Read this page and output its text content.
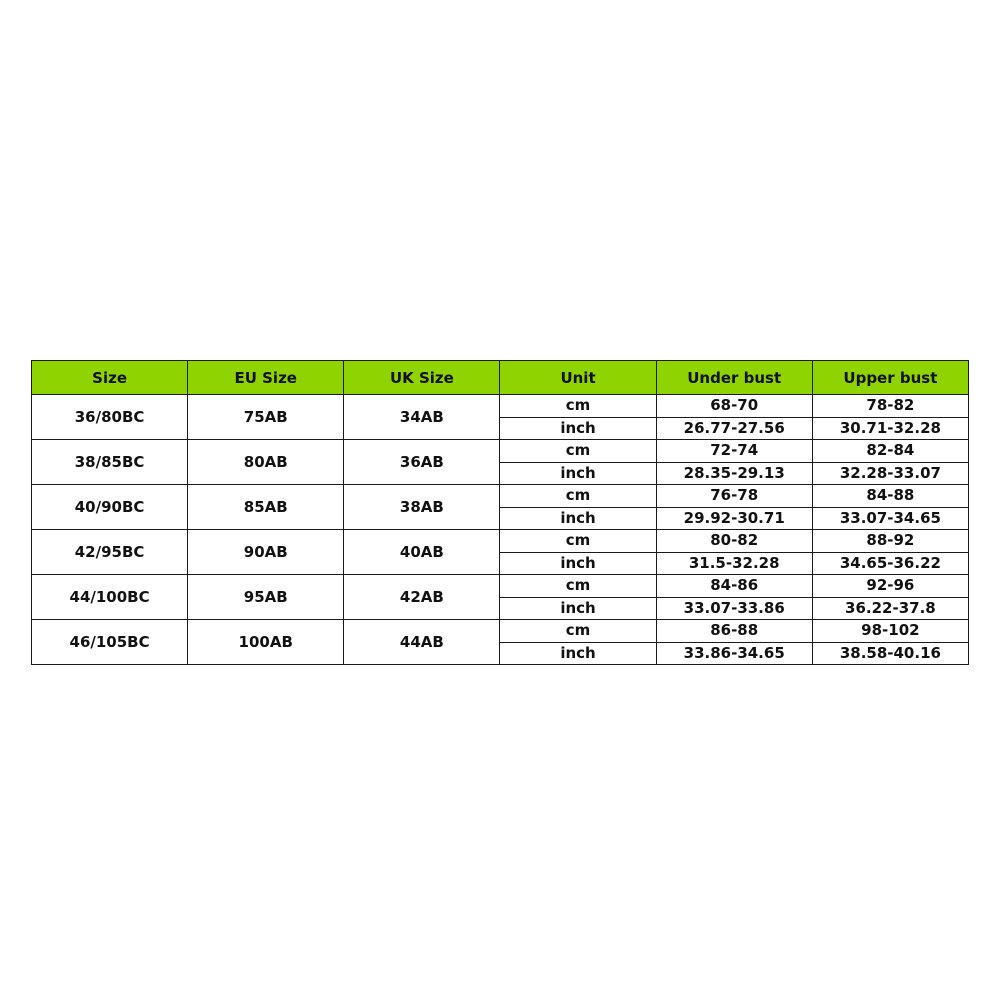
Size	EU Size	UK Size	Unit	Under bust	Upper bust
36/80BC	75AB	34AB	cm	68-70	78-82
			inch	26.77-27.56	30.71-32.28
38/85BC	80AB	36AB	cm	72-74	82-84
			inch	28.35-29.13	32.28-33.07
40/90BC	85AB	38AB	cm	76-78	84-88
			inch	29.92-30.71	33.07-34.65
42/95BC	90AB	40AB	cm	80-82	88-92
			inch	31.5-32.28	34.65-36.22
44/100BC	95AB	42AB	cm	84-86	92-96
			inch	33.07-33.86	36.22-37.8
46/105BC	100AB	44AB	cm	86-88	98-102
			inch	33.86-34.65	38.58-40.16
